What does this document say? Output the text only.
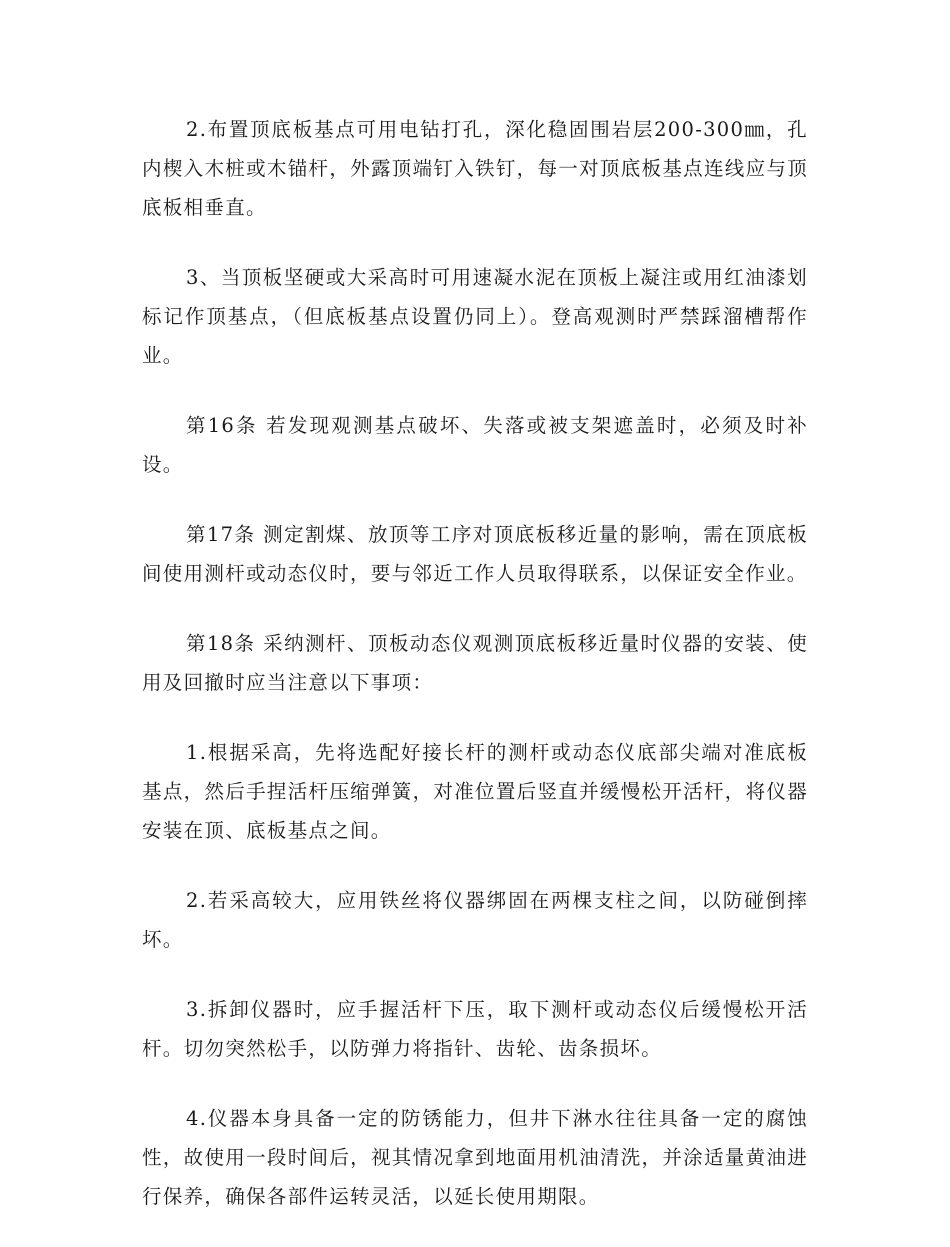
2.布置顶底板基点可用电钻打孔，深化稳固围岩层200-300㎜，孔内楔入木桩或木锚杆，外露顶端钉入铁钉，每一对顶底板基点连线应与顶底板相垂直。

3、当顶板坚硬或大采高时可用速凝水泥在顶板上凝注或用红油漆划标记作顶基点，（但底板基点设置仍同上）。登高观测时严禁踩溜槽帮作业。

第16条 若发现观测基点破坏、失落或被支架遮盖时，必须及时补设。

第17条 测定割煤、放顶等工序对顶底板移近量的影响，需在顶底板间使用测杆或动态仪时，要与邻近工作人员取得联系，以保证安全作业。

第18条 采纳测杆、顶板动态仪观测顶底板移近量时仪器的安装、使用及回撤时应当注意以下事项：

1.根据采高，先将选配好接长杆的测杆或动态仪底部尖端对准底板基点，然后手捏活杆压缩弹簧，对准位置后竖直并缓慢松开活杆，将仪器安装在顶、底板基点之间。

2.若采高较大，应用铁丝将仪器绑固在两棵支柱之间，以防碰倒摔坏。

3.拆卸仪器时，应手握活杆下压，取下测杆或动态仪后缓慢松开活杆。切勿突然松手，以防弹力将指针、齿轮、齿条损坏。

4.仪器本身具备一定的防锈能力，但井下淋水往往具备一定的腐蚀性，故使用一段时间后，视其情况拿到地面用机油清洗，并涂适量黄油进行保养，确保各部件运转灵活，以延长使用期限。
